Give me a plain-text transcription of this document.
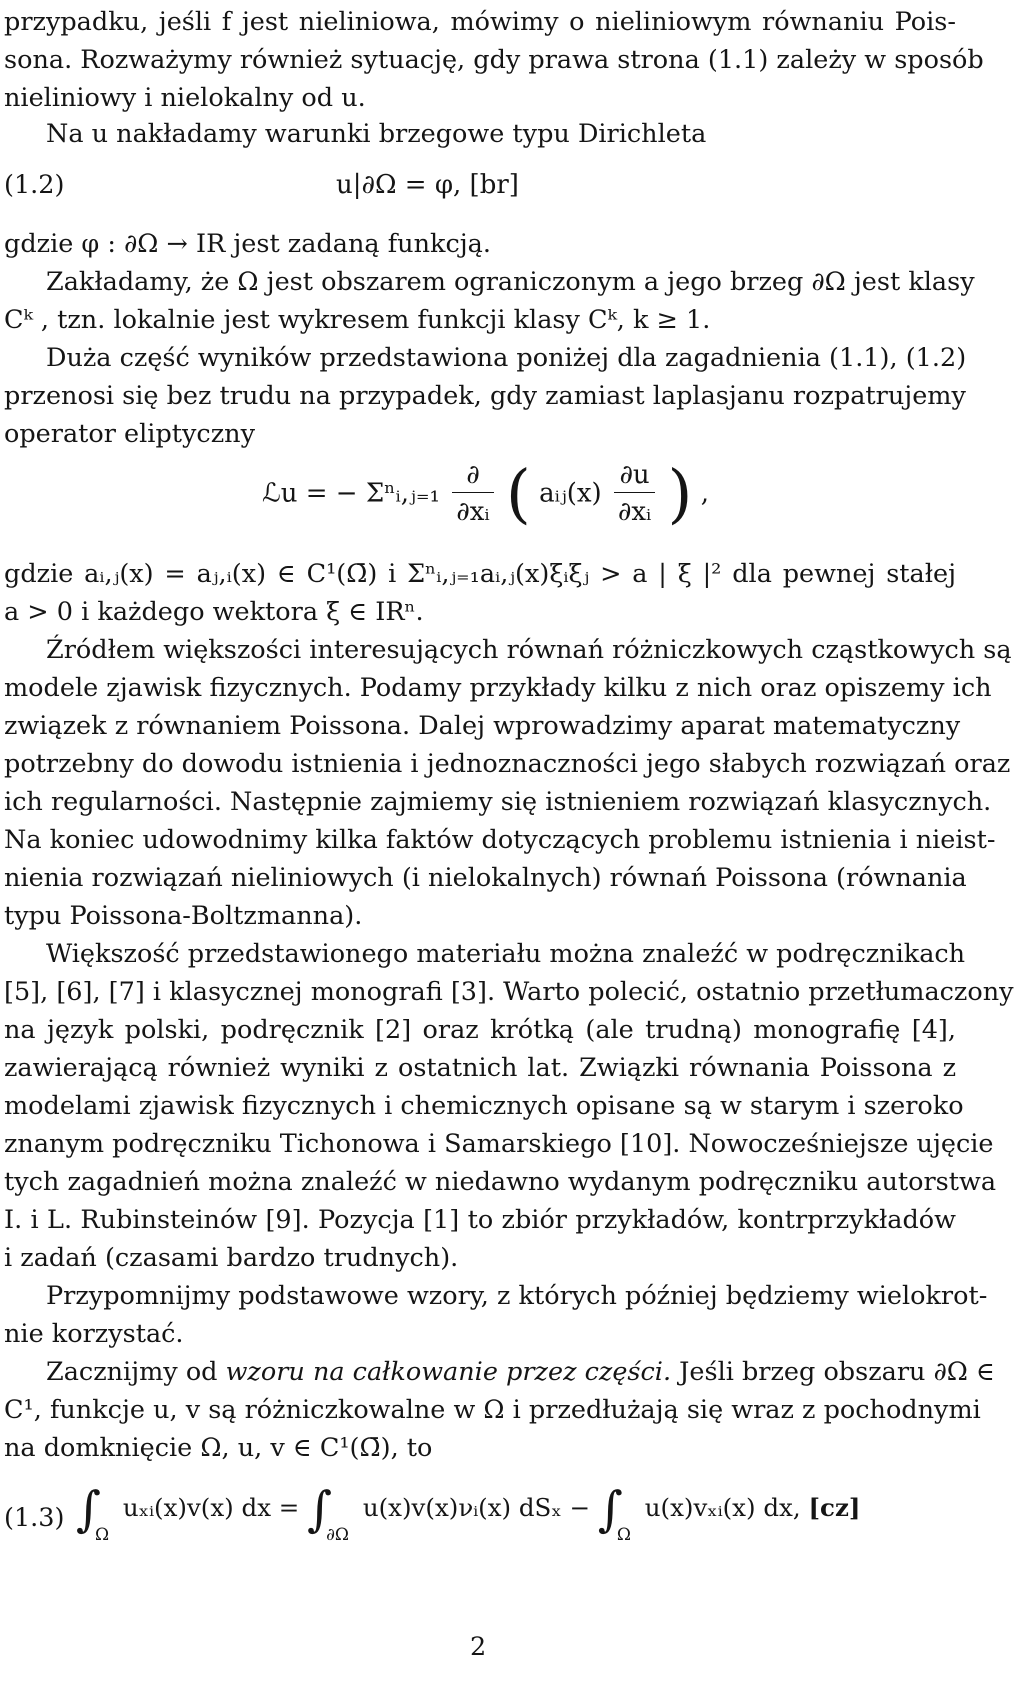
przypadku, jeśli f jest nieliniowa, mówimy o nieliniowym równaniu Pois-
sona. Rozważymy również sytuację, gdy prawa strona (1.1) zależy w sposób
nieliniowy i nielokalny od u.
Na u nakładamy warunki brzegowe typu Dirichleta
(1.2)	u|∂Ω = φ, [br]
gdzie φ : ∂Ω → IR jest zadaną funkcją.
Zakładamy, że Ω jest obszarem ograniczonym a jego brzeg ∂Ω jest klasy
Cᵏ , tzn. lokalnie jest wykresem funkcji klasy Cᵏ, k ≥ 1.
Duża część wyników przedstawiona poniżej dla zagadnienia (1.1), (1.2)
przenosi się bez trudu na przypadek, gdy zamiast laplasjanu rozpatrujemy
operator eliptyczny
ℒu = − Σⁿᵢ,ⱼ₌₁ $\frac{\partial}{\text{∂xᵢ}}$ ( aᵢⱼ(x) $\frac{\partial u}{\text{∂xᵢ}}$ ) ,
gdzie aᵢ,ⱼ(x) = aⱼ,ᵢ(x) ∈ C¹(Ω̄) i Σⁿᵢ,ⱼ₌₁aᵢ,ⱼ(x)ξᵢξⱼ > a | ξ |² dla pewnej stałej
a > 0 i każdego wektora ξ ∈ IRⁿ.
Źródłem większości interesujących równań różniczkowych cząstkowych są
modele zjawisk fizycznych. Podamy przykłady kilku z nich oraz opiszemy ich
związek z równaniem Poissona. Dalej wprowadzimy aparat matematyczny
potrzebny do dowodu istnienia i jednoznaczności jego słabych rozwiązań oraz
ich regularności. Następnie zajmiemy się istnieniem rozwiązań klasycznych.
Na koniec udowodnimy kilka faktów dotyczących problemu istnienia i nieist-
nienia rozwiązań nieliniowych (i nielokalnych) równań Poissona (równania
typu Poissona-Boltzmanna).
Większość przedstawionego materiału można znaleźć w podręcznikach
[5], [6], [7] i klasycznej monografi [3]. Warto polecić, ostatnio przetłumaczony
na język polski, podręcznik [2] oraz krótką (ale trudną) monografię [4],
zawierającą również wyniki z ostatnich lat. Związki równania Poissona z
modelami zjawisk fizycznych i chemicznych opisane są w starym i szeroko
znanym podręczniku Tichonowa i Samarskiego [10]. Nowocześniejsze ujęcie
tych zagadnień można znaleźć w niedawno wydanym podręczniku autorstwa
I. i L. Rubinsteinów [9]. Pozycja [1] to zbiór przykładów, kontrprzykładów
i zadań (czasami bardzo trudnych).
Przypomnijmy podstawowe wzory, z których później będziemy wielokrot-
nie korzystać.
Zacznijmy od wzoru na całkowanie przez części. Jeśli brzeg obszaru ∂Ω ∈
C¹, funkcje u, v są różniczkowalne w Ω i przedłużają się wraz z pochodnymi
na domknięcie Ω, u, v ∈ C¹(Ω̄), to
(1.3) $\int_\Omega$ uₓᵢ(x)v(x) dx = $\int_{\partial\Omega}$ u(x)v(x)νᵢ(x) $dS_x - \int_\Omega$ u(x)vₓᵢ(x) dx, [cz]
2
